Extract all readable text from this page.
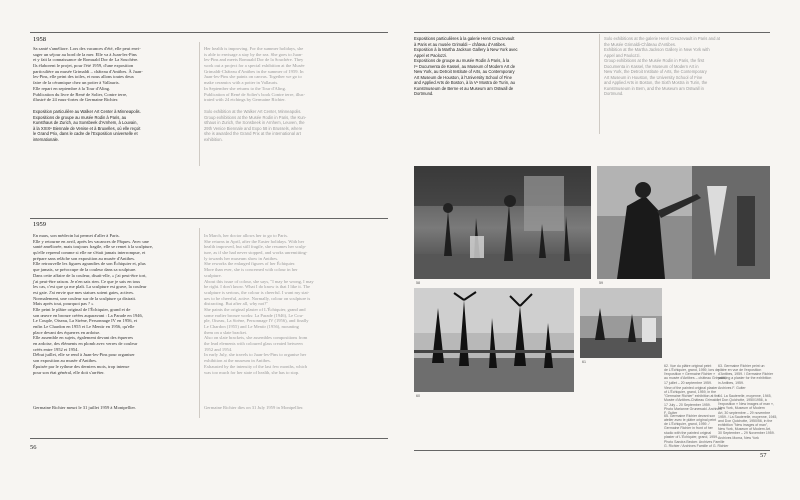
1958

Sa santé s'améliore. Lors des vacances d'été, elle peut envi-

sager un séjour au bord de la mer. Elle va à Juan-les-Pins

et y fait la connaissance de Romuald Dor de La Souchère.

Ils élaborent le projet, pour l'été 1959, d'une exposition

particulière au musée Grimaldi – château d'Antibes. À Juan-

les-Pins, elle peint des toiles, et nous allons toutes deux

faire de la céramique chez un potier à Vallauris.

Elle repart en septembre à la Tour d'Aling.

Publication du livre de René de Solier, Contre terre,

illustré de 24 eaux-fortes de Germaine Richier.

Exposition particulière au Walker Art Center à Minneapolis.

Expositions de groupe au musée Rodin à Paris, au

Kunsthaus de Zurich, au Sonsbeek d'Arnhem, à Louvain,

à la XXIXᵉ Biennale de Venise et à Bruxelles, où elle reçoit

le Grand Prix, dans le cadre de l'Exposition universelle et

internationale.

Her health is improving. For the summer holidays, she

is able to envisage a stay by the sea. She goes to Juan-

les-Pins and meets Romuald Dor de la Souchère. They

work out a project for a special exhibition at the Musée

Grimaldi-Château d'Antibes in the summer of 1959. In

Juan-les-Pins she paints on canvas. Together we go to

make ceramics with a potter in Vallauris.

In September she returns to the Tour d'Aling.

Publication of René de Solier's book Contre terre, illus-

trated with 24 etchings by Germaine Richier.

Solo exhibition at the Walker Art Center, Minneapolis.

Group exhibitions at the Musée Rodin in Paris, the Kun-

sthaus in Zurich, the Sonsbeek in Arnhem, Leuven, the

29th Venice Biennale and Expo 58 in Brussels, where

she is awarded the Grand Prix at the international art

exhibition.

1959

En mars, son médecin lui permet d'aller à Paris.

Elle y retourne en avril, après les vacances de Pâques. Avec une

santé améliorée, mais toujours fragile, elle se remet à la sculpture,

qu'elle reprend comme si elle ne s'était jamais interrompue, et

prépare sans relâche son exposition au musée d'Antibes.

Elle retrouvelle les figures agrandies de son Échiquier et, plus

que jamais, se préoccupe de la couleur dans sa sculpture.

Dans cette affaire de la couleur, disait-elle, « j'ai peut-être tort,

j'ai peut-être raison. Je n'en sais rien. Ce que je sais en tous

les cas, c'est que ça me plaît. La sculpture est grave, la couleur

est gaie. J'ai envie que mes statues soient gaies, actives.

Normalement, une couleur sur de la sculpture ça distrait.

Mais après tout, pourquoi pas ? »

Elle peint le plâtre original de l'Échiquier, grand et de

son œuvre en bronze créées auparavant : La Parade en 1946,

Le Couple, Oiseau, La Sirène, Personnage IV en 1956, et

enfin Le Chardon en 1955 et Le Mentir en 1956, qu'elle

place devant des équerres en ardoise.

Elle assemble en sujets, également devant des équerres

en ardoise, des éléments en plomb avec verres de couleur

créés entre 1952 et 1954.

Début juillet, elle se rend à Juan-les-Pins pour organiser

son exposition au musée d'Antibes.

Épuisée par le rythme des derniers mois, trop intense

pour son état général, elle doit s'arrêter.

Germaine Richier meurt le 31 juillet 1959 à Montpellier.

In March, her doctor allows her to go to Paris.

She returns in April, after the Easter holidays. With her

health improved, but still fragile, she resumes her sculp-

ture, as if she had never stopped, and works unremitting-

ly towards her museum show in Antibes.

She reworks the enlarged figures of her Échiquier.

More than ever, she is concerned with colour in her

sculpture.

About this issue of colour, she says, "I may be wrong, I may

be right. I don't know. What I do know is that I like it. The

sculpture is serious, the colour is cheerful. I want my stat-

ues to be cheerful, active. Normally, colour on sculpture is

distracting. But after all, why not?"

She paints the original plaster of L'Échiquier, grand and

some earlier bronze works: La Parade (1946), Le Cou-

ple, Oiseau, La Sirène, Personnage IV (1956), and finally

Le Chardon (1955) and Le Mentir (1956), mounting

them on a slate bracket.

Also on slate brackets, she assembles compositions from

the lead elements with coloured glass created between

1952 and 1954.

In early July, she travels to Juan-les-Pins to organise her

exhibition at the museum in Antibes.

Exhausted by the intensity of the last few months, which

was too much for her state of health, she has to stop.

Germaine Richier dies on 31 July 1959 in Montpellier.

56

Expositions particulières à la galerie Henri Creuzevault

à Paris et au musée Grimaldi – château d'Antibes.

Exposition à la Martha Jackson Gallery à New York avec

Appel et Paolozzi.

Expositions de groupe au musée Rodin à Paris, à la

Iʳᵉ Documenta de Kassel, au Museum of Modern Art de

New York, au Detroit Institute of Arts, au Contemporary

Art Museum de Houston, à l'University School of Fine

and Applied Arts de Boston, à la Vᵉ Mostra de Turin, au

Kunstmuseum de Berne et au Museum am Ostwall de

Dortmund.

Solo exhibitions at the galerie Henri Creuzevault in Paris and at

the Musée Grimaldi-Château d'Antibes.

Exhibition at the Martha Jackson Gallery in New York with

Appel and Paolozzi.

Group exhibitions at the Musée Rodin in Paris, the first

Documenta in Kassel, the Museum of Modern Art in

New York, the Detroit Institute of Arts, the Contemporary

Art Museum in Houston, the University School of Fine

and Applied Arts in Boston, the Sixth Mostra in Turin, the

Kunstmuseum in Bern, and the Museum am Ostwall in

Dortmund.

58	59
60
61

62. Vue du plâtre original peint

de L'Échiquier, grand, 1959, lors de

l'exposition « Germaine Richier »

au musée d'Antibes – château Grimaldi,

17 juillet – 20 septembre 1959.

View of the painted original plaster

of L'Échiquier, grand, 1959, in the

"Germaine Richier" exhibition at the

Musée d'Antibes-Château Grimaldi,

17 July – 20 September 1959.

Photo Marianne Grunewald. Archives

F. Guiter

63. Germaine Richier peint un

plâtre en vue de l'exposition

d'Antibes, 1959. / Germaine Richier

painting a plaster for the exhibition

in Antibes, 1959.

Archives F. Guiter

64. La Sauterelle, moyenne, 1945,

et Don Quichotte, 1950/1956, à

l'exposition « New images of man »,

New York, Museum of Modern

Art, 30 septembre – 29 novembre

1959. / La Sauterelle, moyenne, 1945,

and Don Quichotte, 1950/56, in the

exhibition "New images of man",

New York, Museum of Modern Art,

30 September – 29 November 1959.

Archives Moma, New York

65. Germaine Richier devant son

atelier avec le plâtre original peint

de L'Échiquier, grand, 1959. /

Germaine Richier in front of her

studio with the painted original

plaster of L'Échiquier, grand, 1959.

Photo Sandra Becker. Archives Famille

G. Richier / Archives Famille of G. Richier

57
